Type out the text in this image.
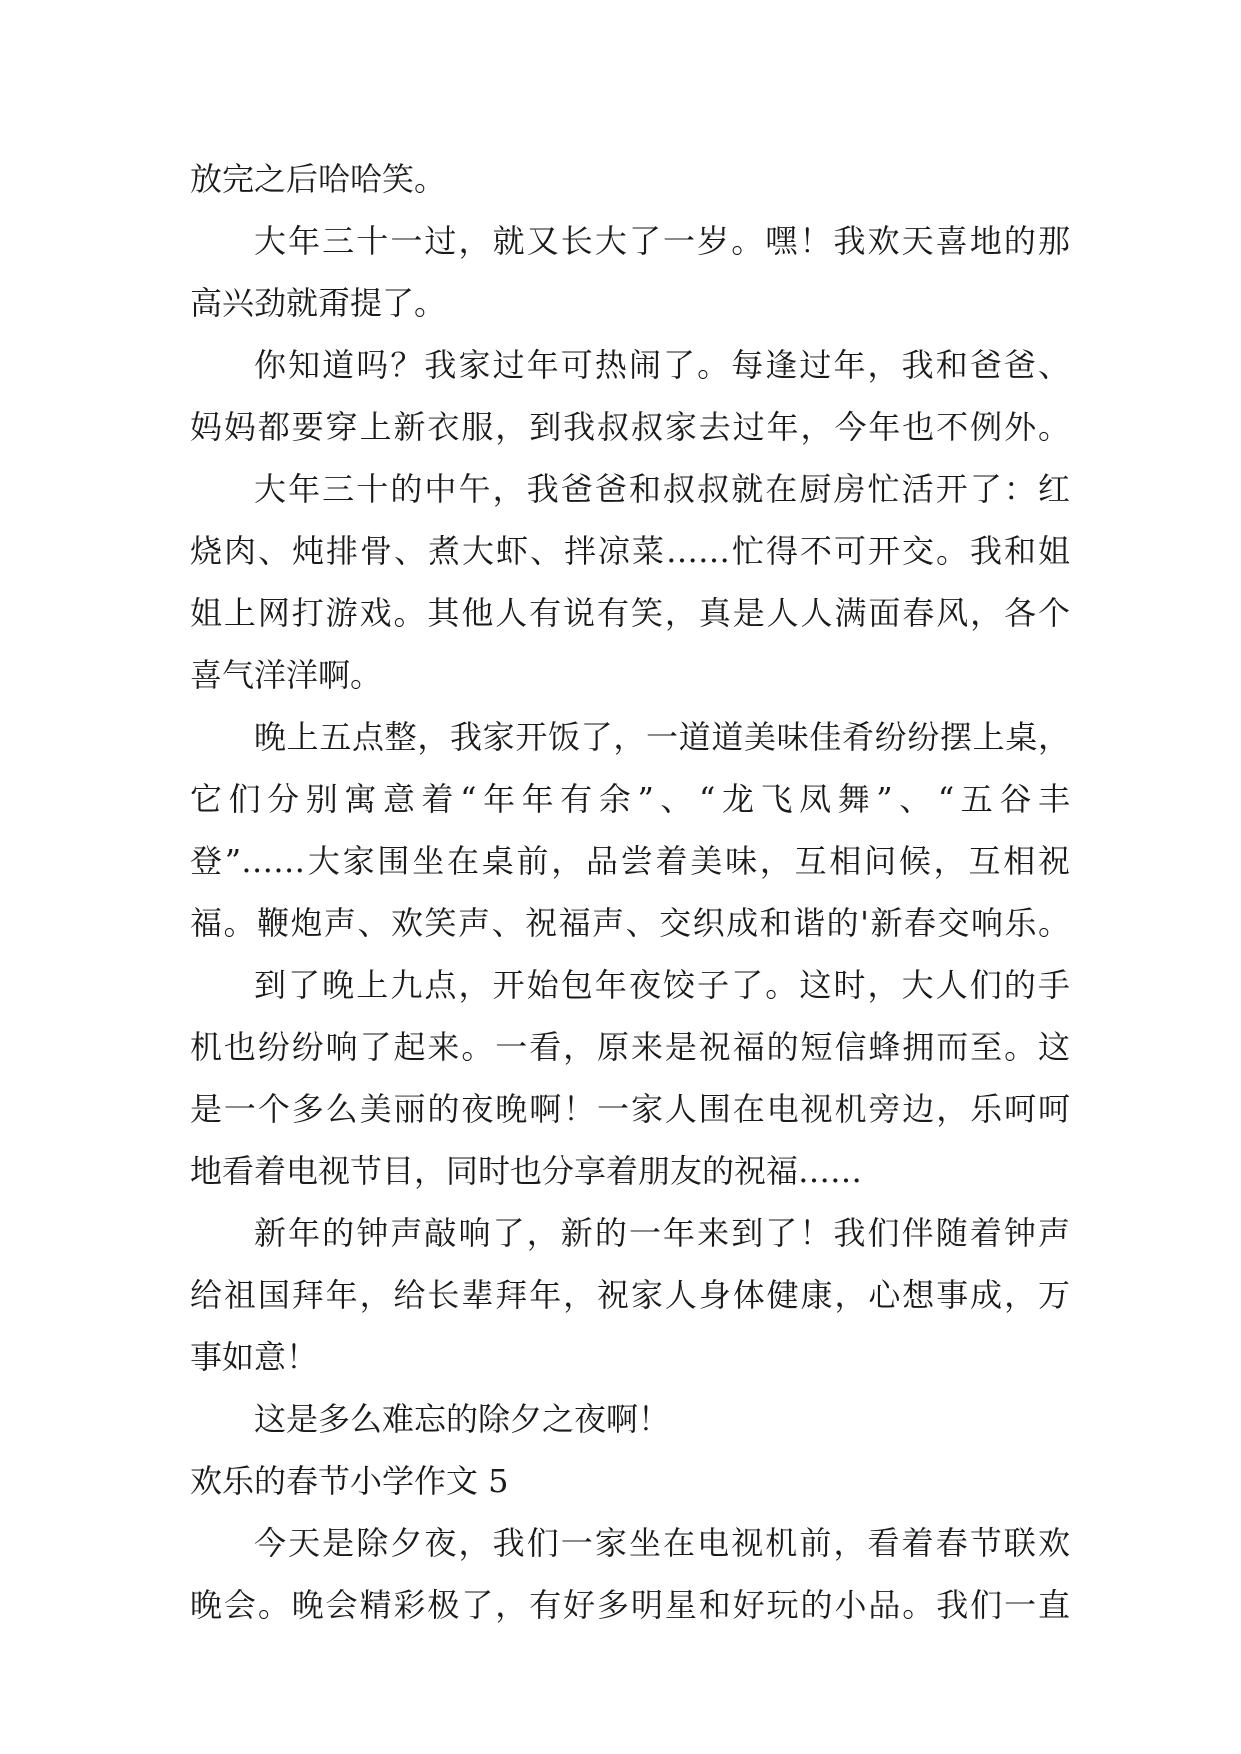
放完之后哈哈笑。
大年三十一过，就又长大了一岁。嘿！我欢天喜地的那
高兴劲就甭提了。
你知道吗？我家过年可热闹了。每逢过年，我和爸爸、
妈妈都要穿上新衣服，到我叔叔家去过年，今年也不例外。
大年三十的中午，我爸爸和叔叔就在厨房忙活开了：红
烧肉、炖排骨、煮大虾、拌凉菜……忙得不可开交。我和姐
姐上网打游戏。其他人有说有笑，真是人人满面春风，各个
喜气洋洋啊。
晚上五点整，我家开饭了，一道道美味佳肴纷纷摆上桌，
它们分别寓意着“年年有余”、“龙飞凤舞”、“五谷丰
登”……大家围坐在桌前，品尝着美味，互相问候，互相祝
福。鞭炮声、欢笑声、祝福声、交织成和谐的'新春交响乐。
到了晚上九点，开始包年夜饺子了。这时，大人们的手
机也纷纷响了起来。一看，原来是祝福的短信蜂拥而至。这
是一个多么美丽的夜晚啊！一家人围在电视机旁边，乐呵呵
地看着电视节目，同时也分享着朋友的祝福……
新年的钟声敲响了，新的一年来到了！我们伴随着钟声
给祖国拜年，给长辈拜年，祝家人身体健康，心想事成，万
事如意！
这是多么难忘的除夕之夜啊！
欢乐的春节小学作文 5
今天是除夕夜，我们一家坐在电视机前，看着春节联欢
晚会。晚会精彩极了，有好多明星和好玩的小品。我们一直
